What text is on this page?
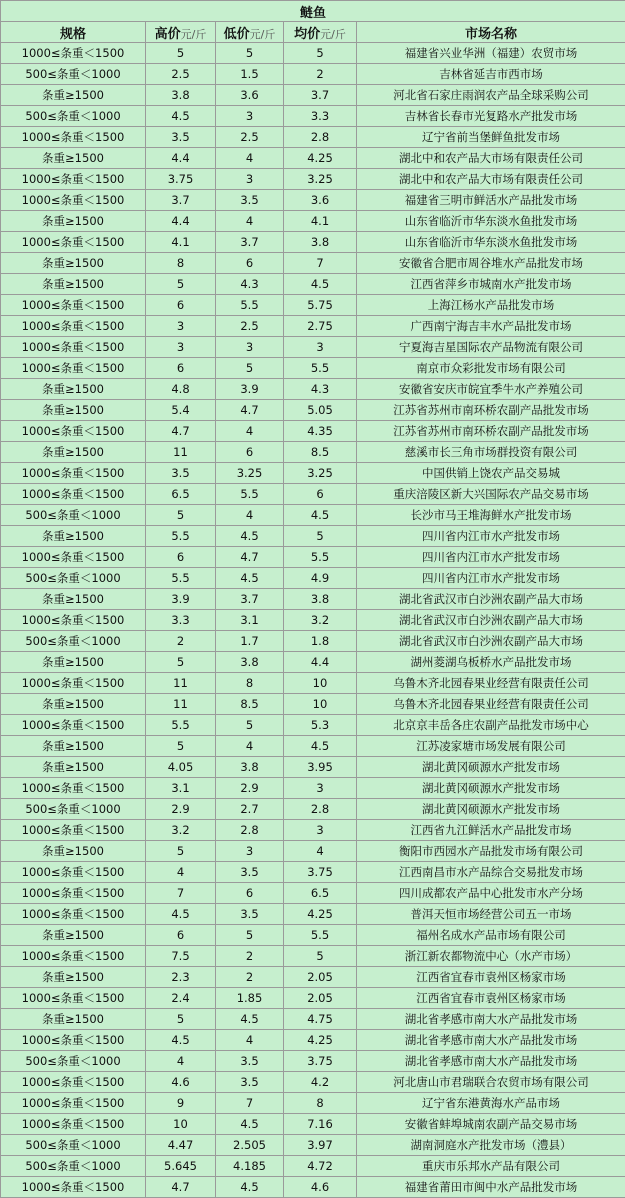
鲢鱼				
规格	高价元/斤	低价元/斤	均价元/斤	市场名称
1000≤条重＜1500	5	5	5	福建省兴业华洲（福建）农贸市场
500≤条重＜1000	2.5	1.5	2	吉林省延吉市西市场
条重≥1500	3.8	3.6	3.7	河北省石家庄雨润农产品全球采购公司
500≤条重＜1000	4.5	3	3.3	吉林省长春市光复路水产批发市场
1000≤条重＜1500	3.5	2.5	2.8	辽宁省前当堡鲜鱼批发市场
条重≥1500	4.4	4	4.25	湖北中和农产品大市场有限责任公司
1000≤条重＜1500	3.75	3	3.25	湖北中和农产品大市场有限责任公司
1000≤条重＜1500	3.7	3.5	3.6	福建省三明市鲜活水产品批发市场
条重≥1500	4.4	4	4.1	山东省临沂市华东淡水鱼批发市场
1000≤条重＜1500	4.1	3.7	3.8	山东省临沂市华东淡水鱼批发市场
条重≥1500	8	6	7	安徽省合肥市周谷堆水产品批发市场
条重≥1500	5	4.3	4.5	江西省萍乡市城南水产批发市场
1000≤条重＜1500	6	5.5	5.75	上海江杨水产品批发市场
1000≤条重＜1500	3	2.5	2.75	广西南宁海吉丰水产品批发市场
1000≤条重＜1500	3	3	3	宁夏海吉星国际农产品物流有限公司
1000≤条重＜1500	6	5	5.5	南京市众彩批发市场有限公司
条重≥1500	4.8	3.9	4.3	安徽省安庆市皖宜季牛水产养殖公司
条重≥1500	5.4	4.7	5.05	江苏省苏州市南环桥农副产品批发市场
1000≤条重＜1500	4.7	4	4.35	江苏省苏州市南环桥农副产品批发市场
条重≥1500	11	6	8.5	慈溪市长三角市场群投资有限公司
1000≤条重＜1500	3.5	3.25	3.25	中国供销上饶农产品交易城
1000≤条重＜1500	6.5	5.5	6	重庆涪陵区新大兴国际农产品交易市场
500≤条重＜1000	5	4	4.5	长沙市马王堆海鲜水产批发市场
条重≥1500	5.5	4.5	5	四川省内江市水产批发市场
1000≤条重＜1500	6	4.7	5.5	四川省内江市水产批发市场
500≤条重＜1000	5.5	4.5	4.9	四川省内江市水产批发市场
条重≥1500	3.9	3.7	3.8	湖北省武汉市白沙洲农副产品大市场
1000≤条重＜1500	3.3	3.1	3.2	湖北省武汉市白沙洲农副产品大市场
500≤条重＜1000	2	1.7	1.8	湖北省武汉市白沙洲农副产品大市场
条重≥1500	5	3.8	4.4	湖州菱湖乌板桥水产品批发市场
1000≤条重＜1500	11	8	10	乌鲁木齐北园春果业经营有限责任公司
条重≥1500	11	8.5	10	乌鲁木齐北园春果业经营有限责任公司
1000≤条重＜1500	5.5	5	5.3	北京京丰岳各庄农副产品批发市场中心
条重≥1500	5	4	4.5	江苏凌家塘市场发展有限公司
条重≥1500	4.05	3.8	3.95	湖北黄冈硕源水产批发市场
1000≤条重＜1500	3.1	2.9	3	湖北黄冈硕源水产批发市场
500≤条重＜1000	2.9	2.7	2.8	湖北黄冈硕源水产批发市场
1000≤条重＜1500	3.2	2.8	3	江西省九江鲜活水产品批发市场
条重≥1500	5	3	4	衡阳市西园水产品批发市场有限公司
1000≤条重＜1500	4	3.5	3.75	江西南昌市水产品综合交易批发市场
1000≤条重＜1500	7	6	6.5	四川成都农产品中心批发市水产分场
1000≤条重＜1500	4.5	3.5	4.25	普洱天恒市场经营公司五一市场
条重≥1500	6	5	5.5	福州名成水产品市场有限公司
1000≤条重＜1500	7.5	2	5	浙江新农都物流中心（水产市场）
条重≥1500	2.3	2	2.05	江西省宜春市袁州区杨家市场
1000≤条重＜1500	2.4	1.85	2.05	江西省宜春市袁州区杨家市场
条重≥1500	5	4.5	4.75	湖北省孝感市南大水产品批发市场
1000≤条重＜1500	4.5	4	4.25	湖北省孝感市南大水产品批发市场
500≤条重＜1000	4	3.5	3.75	湖北省孝感市南大水产品批发市场
1000≤条重＜1500	4.6	3.5	4.2	河北唐山市君瑞联合农贸市场有限公司
1000≤条重＜1500	9	7	8	辽宁省东港黄海水产品市场
1000≤条重＜1500	10	4.5	7.16	安徽省蚌埠城南农副产品交易市场
500≤条重＜1000	4.47	2.505	3.97	湖南洞庭水产批发市场（澧县）
500≤条重＜1000	5.645	4.185	4.72	重庆市乐邦水产品有限公司
1000≤条重＜1500	4.7	4.5	4.6	福建省莆田市闽中水产品批发市场
